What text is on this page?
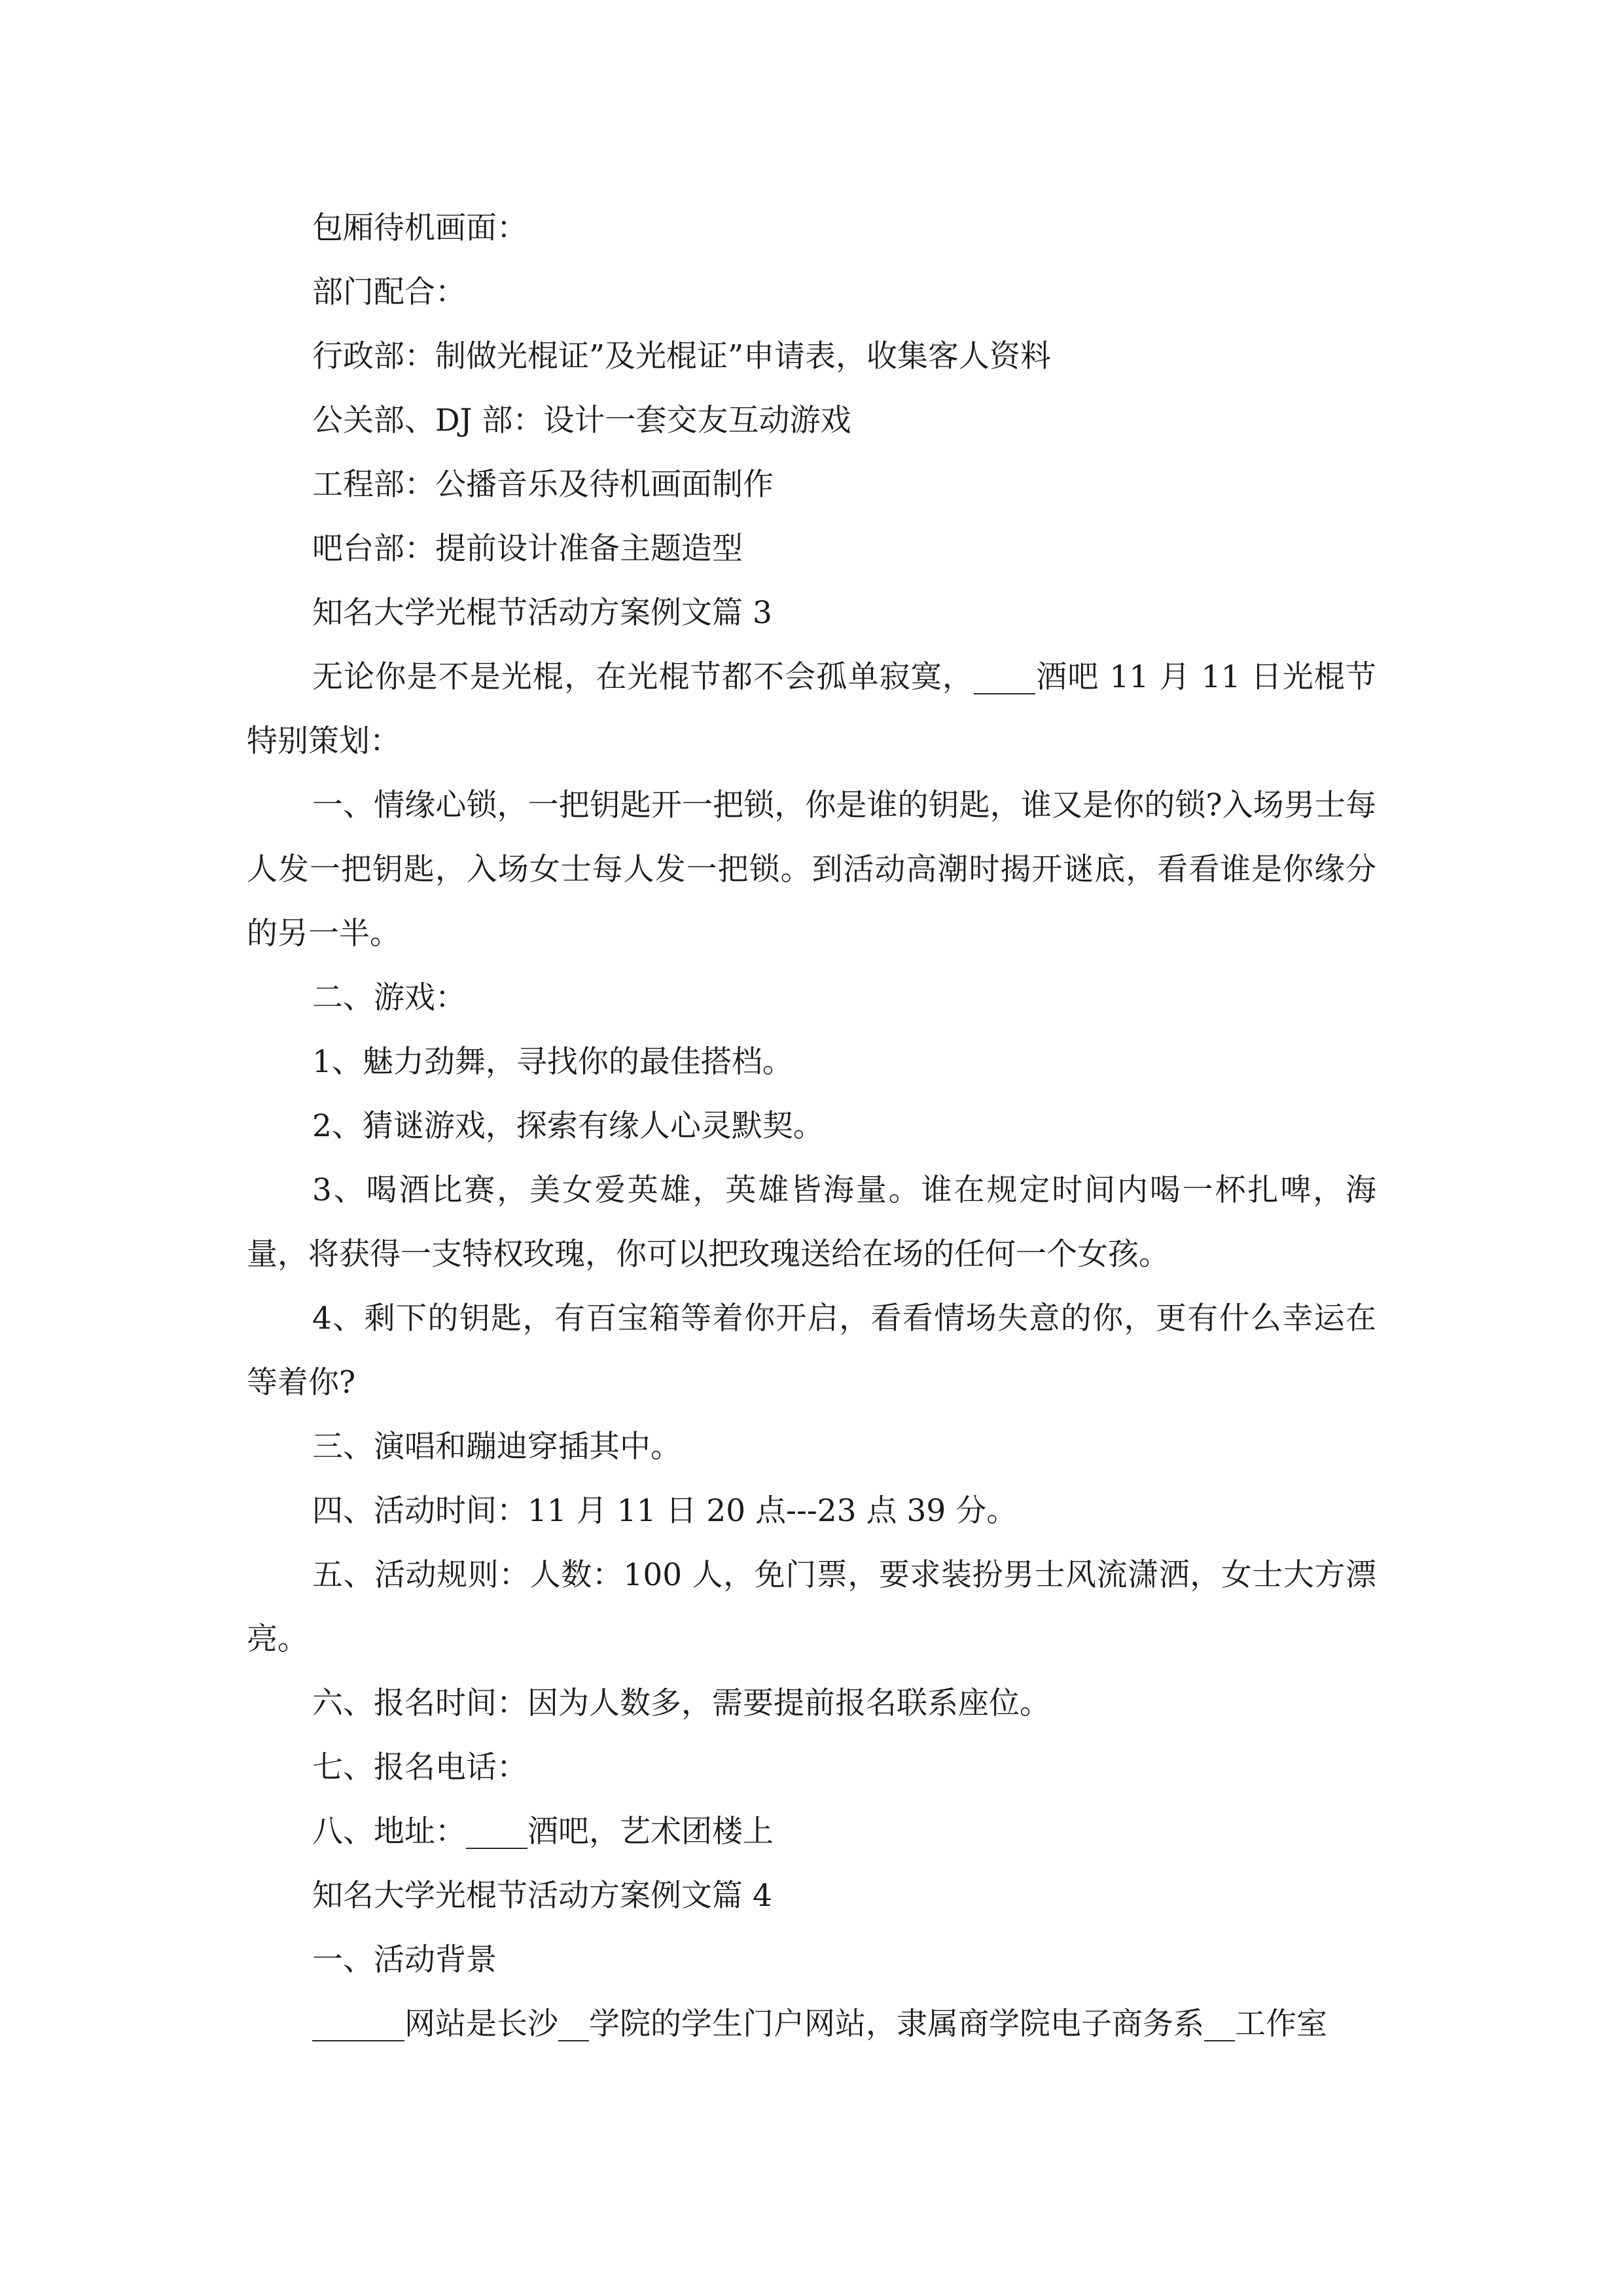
包厢待机画面：

部门配合：

行政部：制做光棍证”及光棍证”申请表，收集客人资料

公关部、DJ 部：设计一套交友互动游戏

工程部：公播音乐及待机画面制作

吧台部：提前设计准备主题造型

知名大学光棍节活动方案例文篇 3

无论你是不是光棍，在光棍节都不会孤单寂寞，____酒吧 11 月 11 日光棍节特别策划：

一、情缘心锁，一把钥匙开一把锁，你是谁的钥匙，谁又是你的锁?入场男士每人发一把钥匙，入场女士每人发一把锁。到活动高潮时揭开谜底，看看谁是你缘分的另一半。

二、游戏：

1、魅力劲舞，寻找你的最佳搭档。

2、猜谜游戏，探索有缘人心灵默契。

3、喝酒比赛，美女爱英雄，英雄皆海量。谁在规定时间内喝一杯扎啤，海量，将获得一支特权玫瑰，你可以把玫瑰送给在场的任何一个女孩。

4、剩下的钥匙，有百宝箱等着你开启，看看情场失意的你，更有什么幸运在等着你?

三、演唱和蹦迪穿插其中。

四、活动时间：11 月 11 日 20 点---23 点 39 分。

五、活动规则：人数：100 人，免门票，要求装扮男士风流潇洒，女士大方漂亮。

六、报名时间：因为人数多，需要提前报名联系座位。

七、报名电话：

八、地址：____酒吧，艺术团楼上

知名大学光棍节活动方案例文篇 4

一、活动背景

______网站是长沙__学院的学生门户网站，隶属商学院电子商务系__工作室
